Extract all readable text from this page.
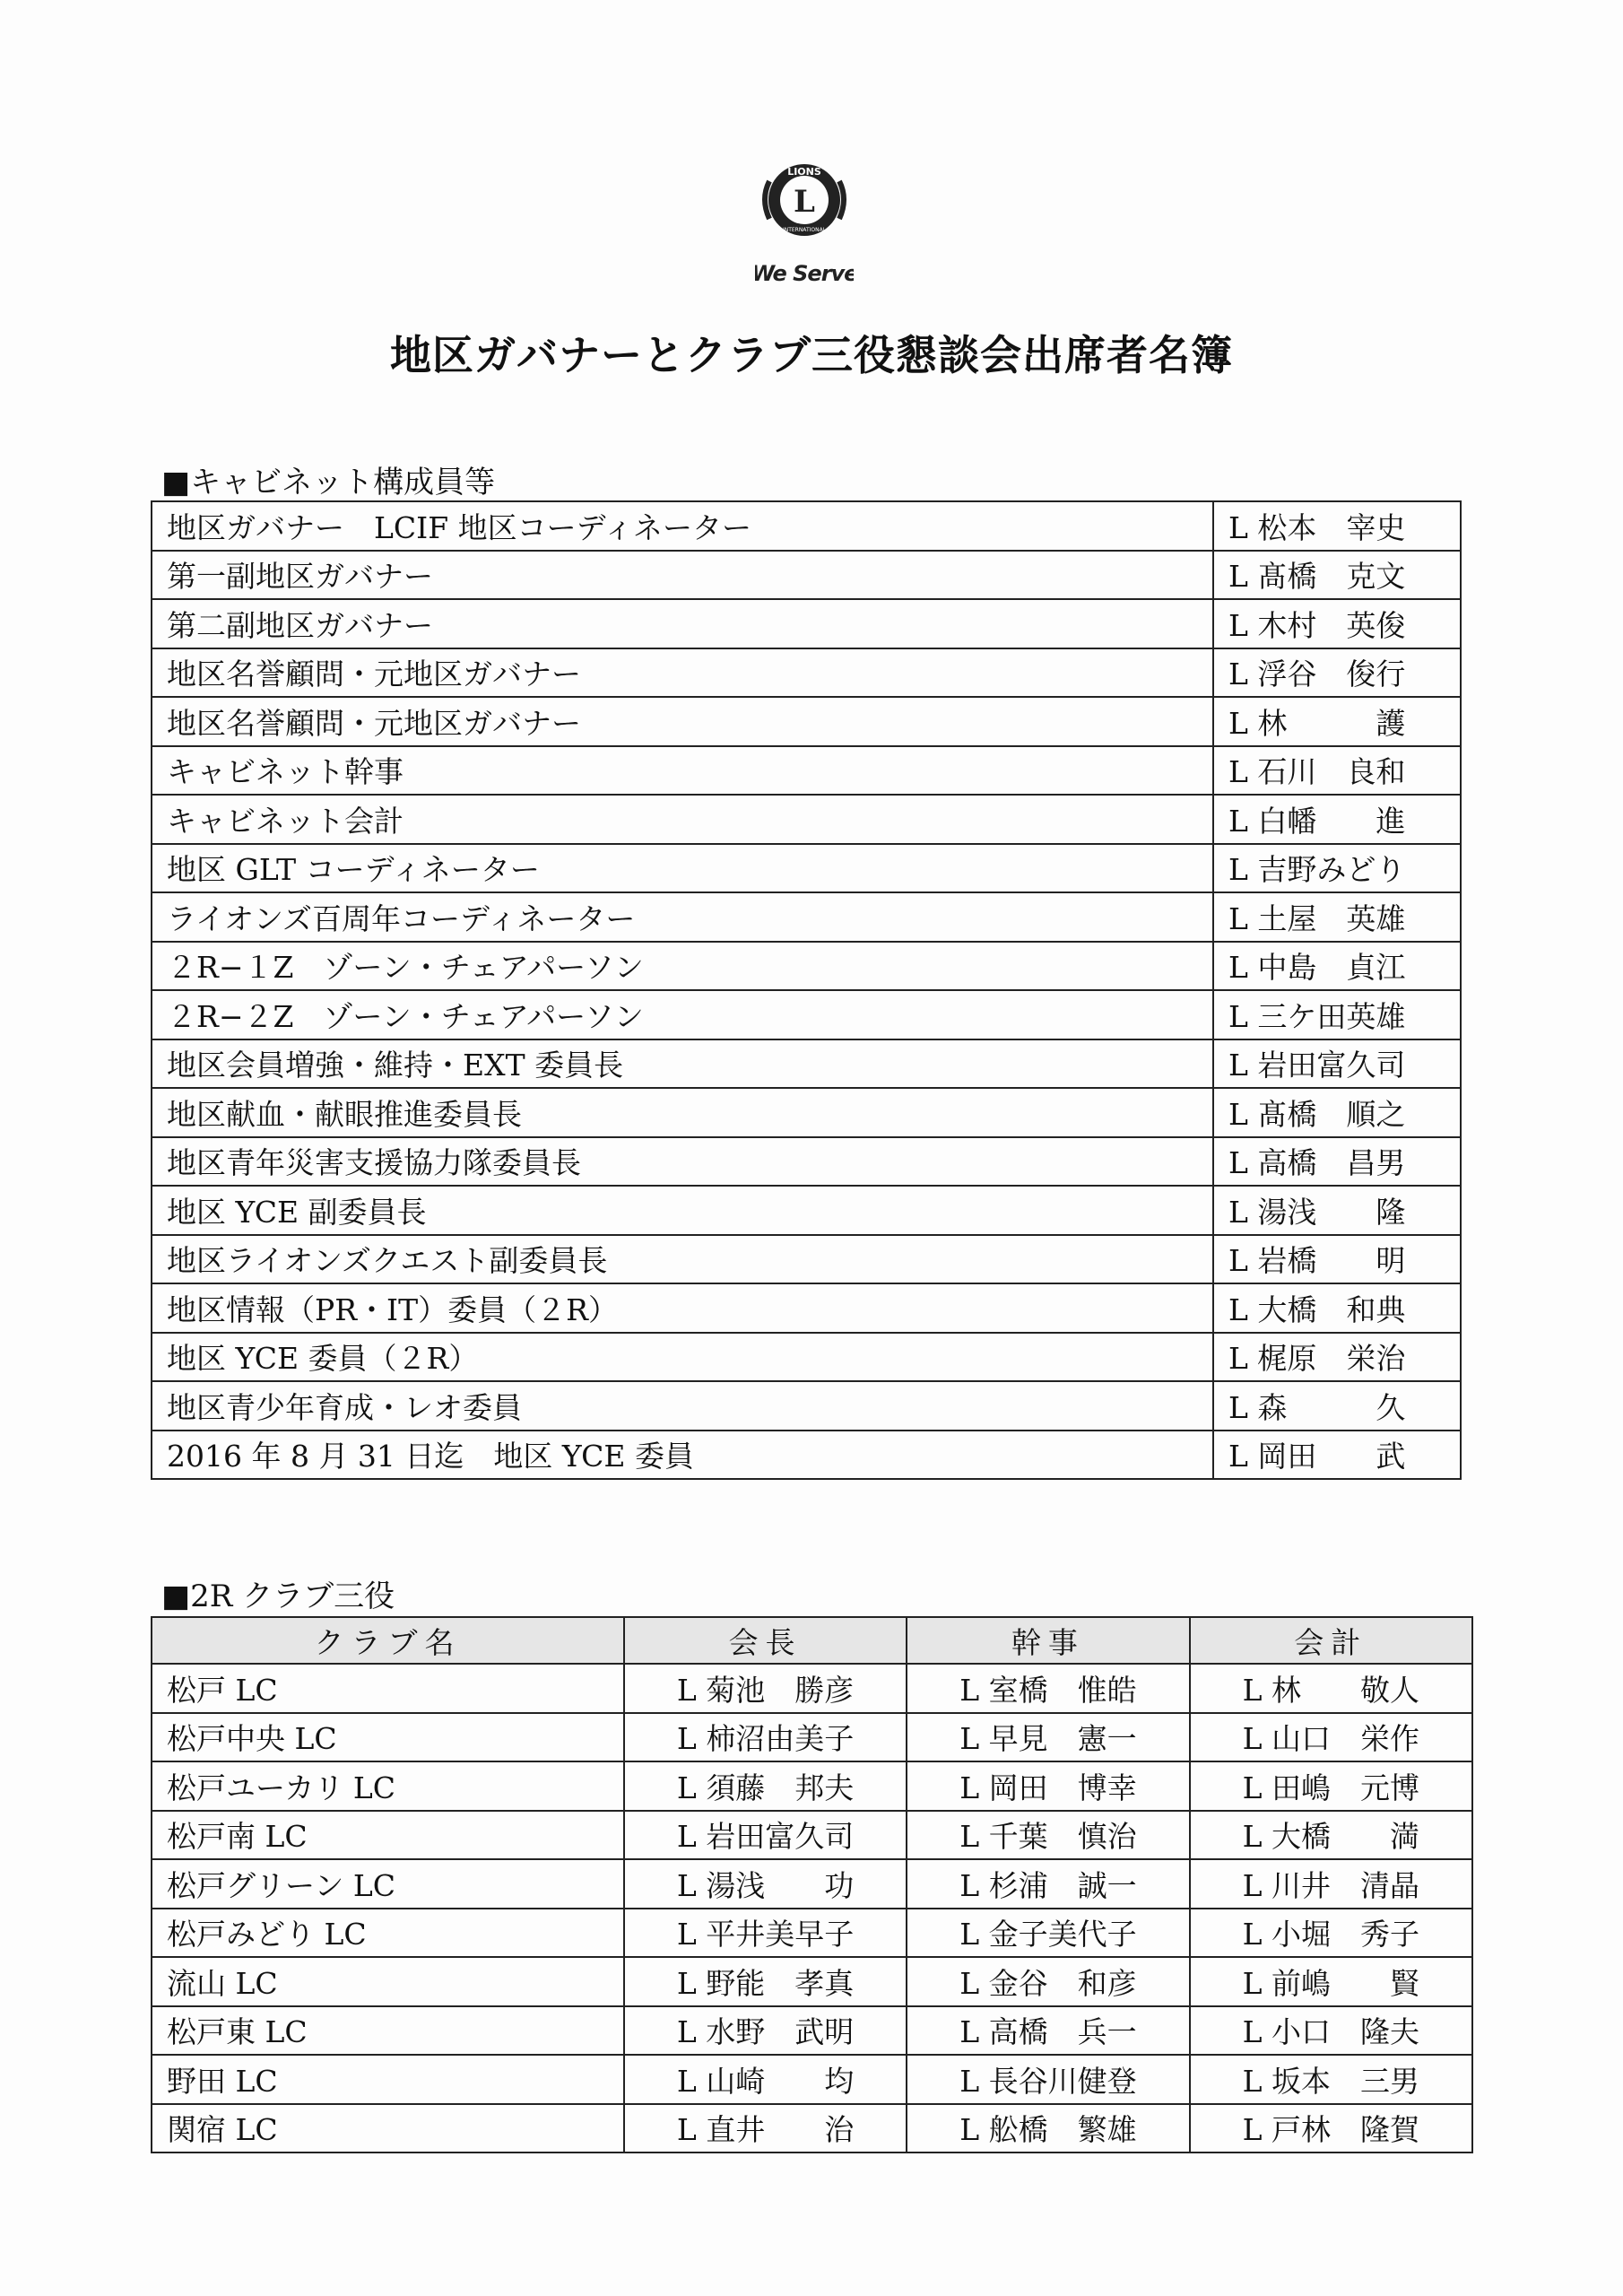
LIONS
INTERNATIONAL
L
We Serve
地区ガバナーとクラブ三役懇談会出席者名簿
■キャビネット構成員等
地区ガバナー　LCIF 地区コーディネーター	L 松本　宰史
第一副地区ガバナー	L 髙橋　克文
第二副地区ガバナー	L 木村　英俊
地区名誉顧問・元地区ガバナー	L 浮谷　俊行
地区名誉顧問・元地区ガバナー	L 林　　　護
キャビネット幹事	L 石川　良和
キャビネット会計	L 白幡　　進
地区 GLT コーディネーター	L 吉野みどり
ライオンズ百周年コーディネーター	L 土屋　英雄
２R−１Z　ゾーン・チェアパーソン	L 中島　貞江
２R−２Z　ゾーン・チェアパーソン	L 三ケ田英雄
地区会員増強・維持・EXT 委員長	L 岩田富久司
地区献血・献眼推進委員長	L 髙橋　順之
地区青年災害支援協力隊委員長	L 高橋　昌男
地区 YCE 副委員長	L 湯浅　　隆
地区ライオンズクエスト副委員長	L 岩橋　　明
地区情報（PR・IT）委員（２R）	L 大橋　和典
地区 YCE 委員（２R）	L 梶原　栄治
地区青少年育成・レオ委員	L 森　　　久
2016 年 8 月 31 日迄　地区 YCE 委員	L 岡田　　武
■2R クラブ三役
クラブ名	会長	幹事	会計
松戸 LC	L 菊池　勝彦	L 室橋　惟皓	L 林　　敬人
松戸中央 LC	L 柿沼由美子	L 早見　憲一	L 山口　栄作
松戸ユーカリ LC	L 須藤　邦夫	L 岡田　博幸	L 田嶋　元博
松戸南 LC	L 岩田富久司	L 千葉　慎治	L 大橋　　満
松戸グリーン LC	L 湯浅　　功	L 杉浦　誠一	L 川井　清晶
松戸みどり LC	L 平井美早子	L 金子美代子	L 小堀　秀子
流山 LC	L 野能　孝真	L 金谷　和彦	L 前嶋　　賢
松戸東 LC	L 水野　武明	L 高橋　兵一	L 小口　隆夫
野田 LC	L 山崎　　均	L 長谷川健登	L 坂本　三男
関宿 LC	L 直井　　治	L 舩橋　繁雄	L 戸林　隆賀
